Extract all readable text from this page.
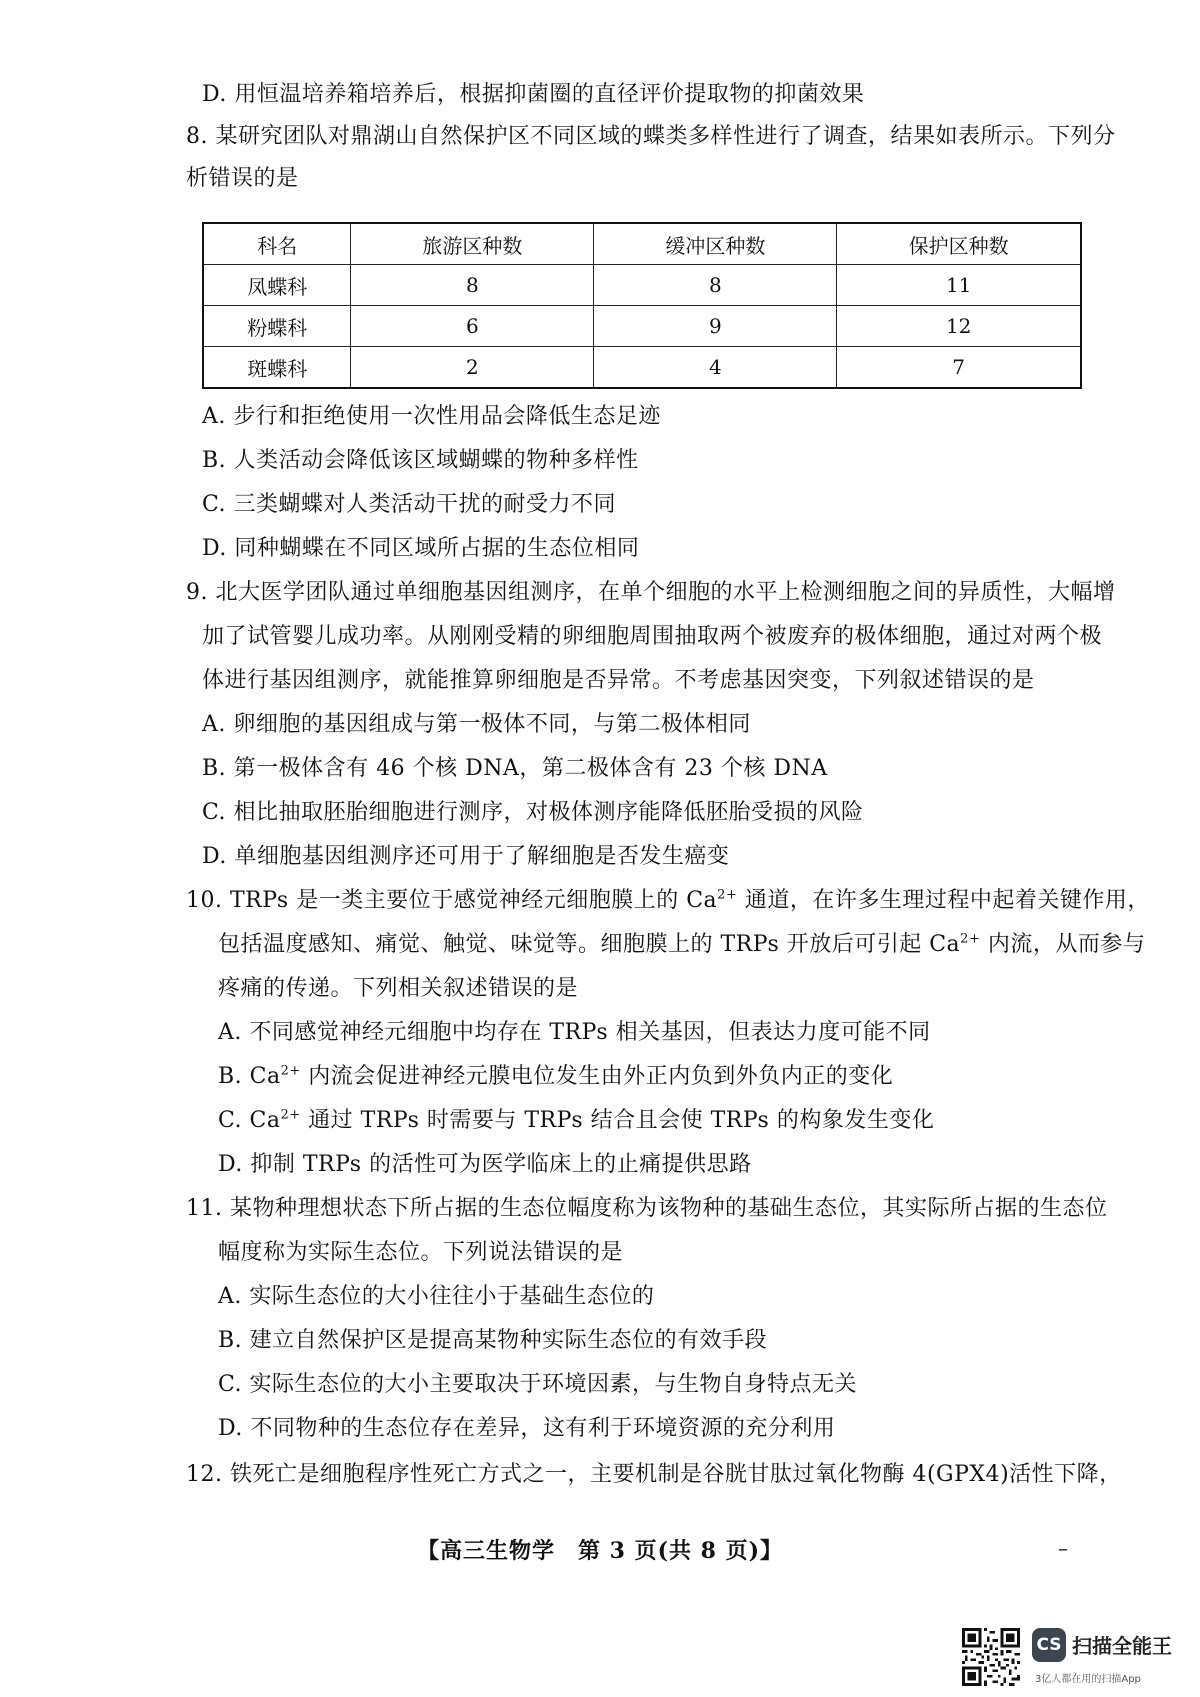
D. 用恒温培养箱培养后，根据抑菌圈的直径评价提取物的抑菌效果
8. 某研究团队对鼎湖山自然保护区不同区域的蝶类多样性进行了调查，结果如表所示。下列分
析错误的是
科名	旅游区种数	缓冲区种数	保护区种数
凤蝶科	8	8	11
粉蝶科	6	9	12
斑蝶科	2	4	7
A. 步行和拒绝使用一次性用品会降低生态足迹
B. 人类活动会降低该区域蝴蝶的物种多样性
C. 三类蝴蝶对人类活动干扰的耐受力不同
D. 同种蝴蝶在不同区域所占据的生态位相同
9. 北大医学团队通过单细胞基因组测序，在单个细胞的水平上检测细胞之间的异质性，大幅增
加了试管婴儿成功率。从刚刚受精的卵细胞周围抽取两个被废弃的极体细胞，通过对两个极
体进行基因组测序，就能推算卵细胞是否异常。不考虑基因突变，下列叙述错误的是
A. 卵细胞的基因组成与第一极体不同，与第二极体相同
B. 第一极体含有 46 个核 DNA，第二极体含有 23 个核 DNA
C. 相比抽取胚胎细胞进行测序，对极体测序能降低胚胎受损的风险
D. 单细胞基因组测序还可用于了解细胞是否发生癌变
10. TRPs 是一类主要位于感觉神经元细胞膜上的 $Ca^{2+}$ 通道，在许多生理过程中起着关键作用，
包括温度感知、痛觉、触觉、味觉等。细胞膜上的 TRPs 开放后可引起 $Ca^{2+}$ 内流，从而参与
疼痛的传递。下列相关叙述错误的是
A. 不同感觉神经元细胞中均存在 TRPs 相关基因，但表达力度可能不同
B. $Ca^{2+}$ 内流会促进神经元膜电位发生由外正内负到外负内正的变化
C. $Ca^{2+}$ 通过 TRPs 时需要与 TRPs 结合且会使 TRPs 的构象发生变化
D. 抑制 TRPs 的活性可为医学临床上的止痛提供思路
11. 某物种理想状态下所占据的生态位幅度称为该物种的基础生态位，其实际所占据的生态位
幅度称为实际生态位。下列说法错误的是
A. 实际生态位的大小往往小于基础生态位的
B. 建立自然保护区是提高某物种实际生态位的有效手段
C. 实际生态位的大小主要取决于环境因素，与生物自身特点无关
D. 不同物种的生态位存在差异，这有利于环境资源的充分利用
12. 铁死亡是细胞程序性死亡方式之一，主要机制是谷胱甘肽过氧化物酶 4(GPX4)活性下降，
【高三生物学　第 3 页(共 8 页)】	–
CS 扫描全能王
3亿人都在用的扫描App
